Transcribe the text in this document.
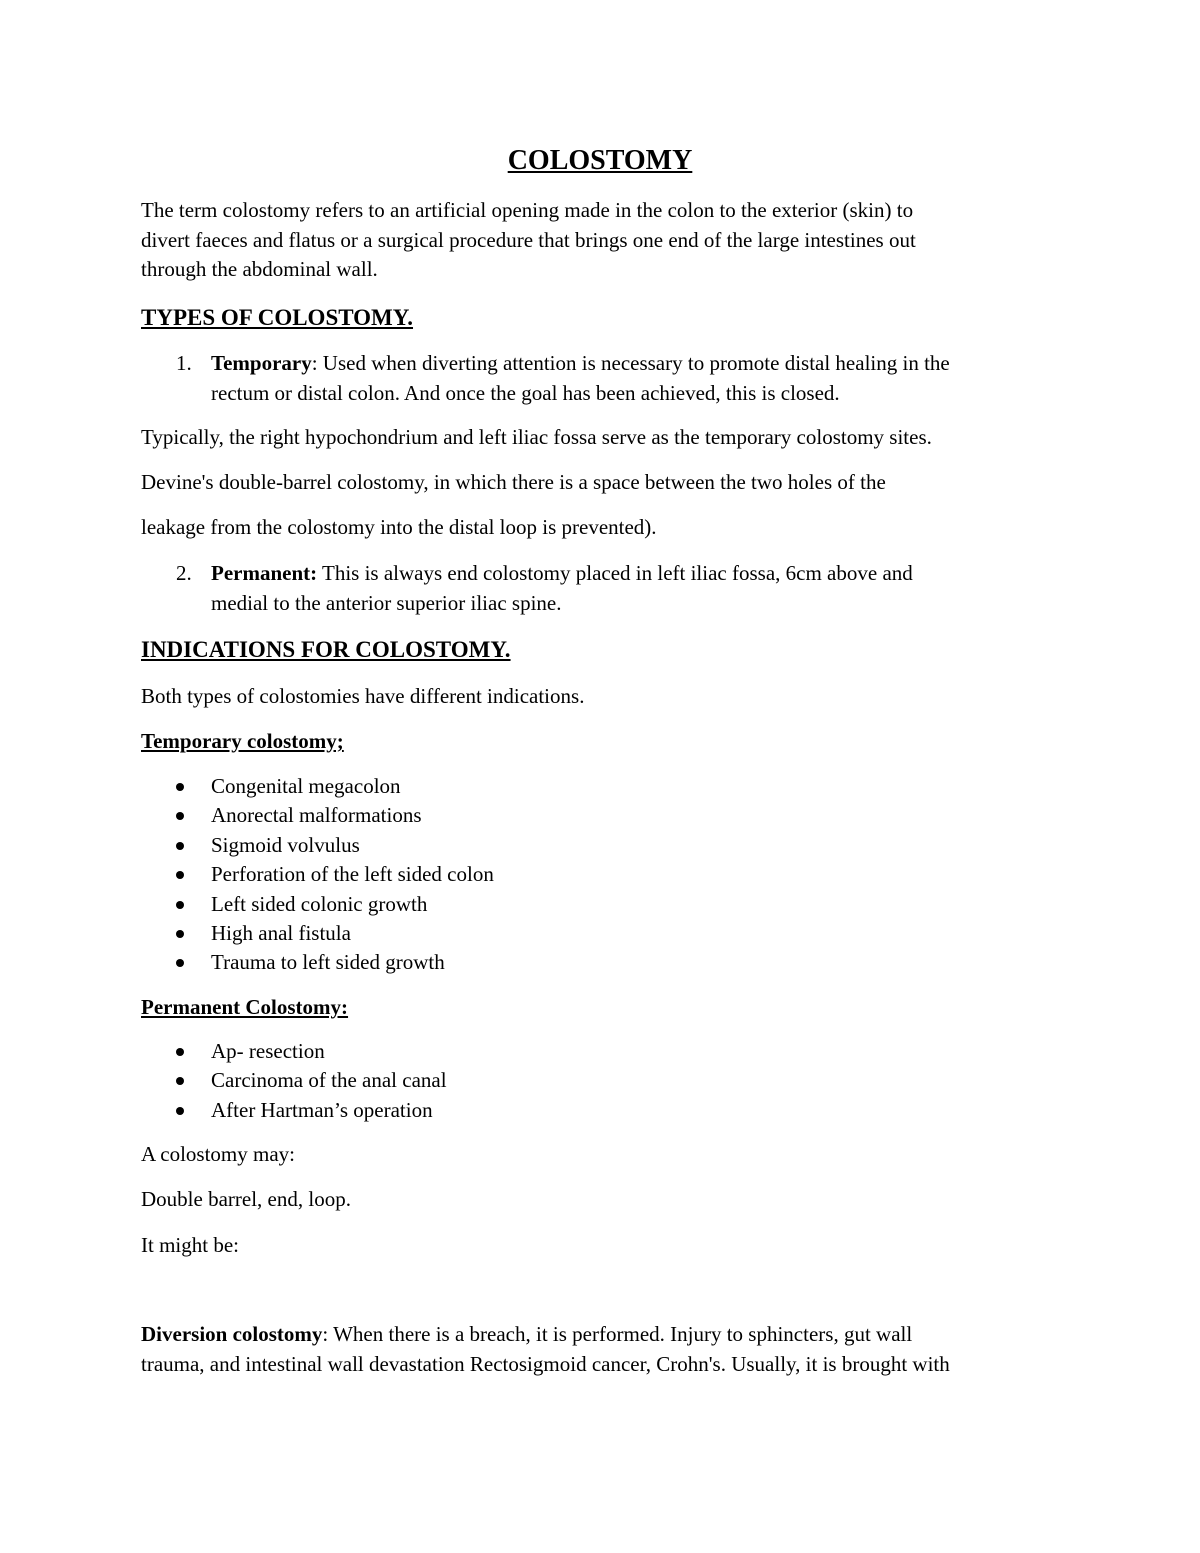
COLOSTOMY
The term colostomy refers to an artificial opening made in the colon to the exterior (skin) to
divert faeces and flatus or a surgical procedure that brings one end of the large intestines out
through the abdominal wall.
TYPES OF COLOSTOMY.
1. Temporary: Used when diverting attention is necessary to promote distal healing in the
rectum or distal colon. And once the goal has been achieved, this is closed.
Typically, the right hypochondrium and left iliac fossa serve as the temporary colostomy sites.
Devine's double-barrel colostomy, in which there is a space between the two holes of the
leakage from the colostomy into the distal loop is prevented).
2. Permanent: This is always end colostomy placed in left iliac fossa, 6cm above and
medial to the anterior superior iliac spine.
INDICATIONS FOR COLOSTOMY.
Both types of colostomies have different indications.
Temporary colostomy;
Congenital megacolon
Anorectal malformations
Sigmoid volvulus
Perforation of the left sided colon
Left sided colonic growth
High anal fistula
Trauma to left sided growth
Permanent Colostomy:
Ap- resection
Carcinoma of the anal canal
After Hartman’s operation
A colostomy may:
Double barrel, end, loop.
It might be:
Diversion colostomy: When there is a breach, it is performed. Injury to sphincters, gut wall
trauma, and intestinal wall devastation Rectosigmoid cancer, Crohn's. Usually, it is brought with
